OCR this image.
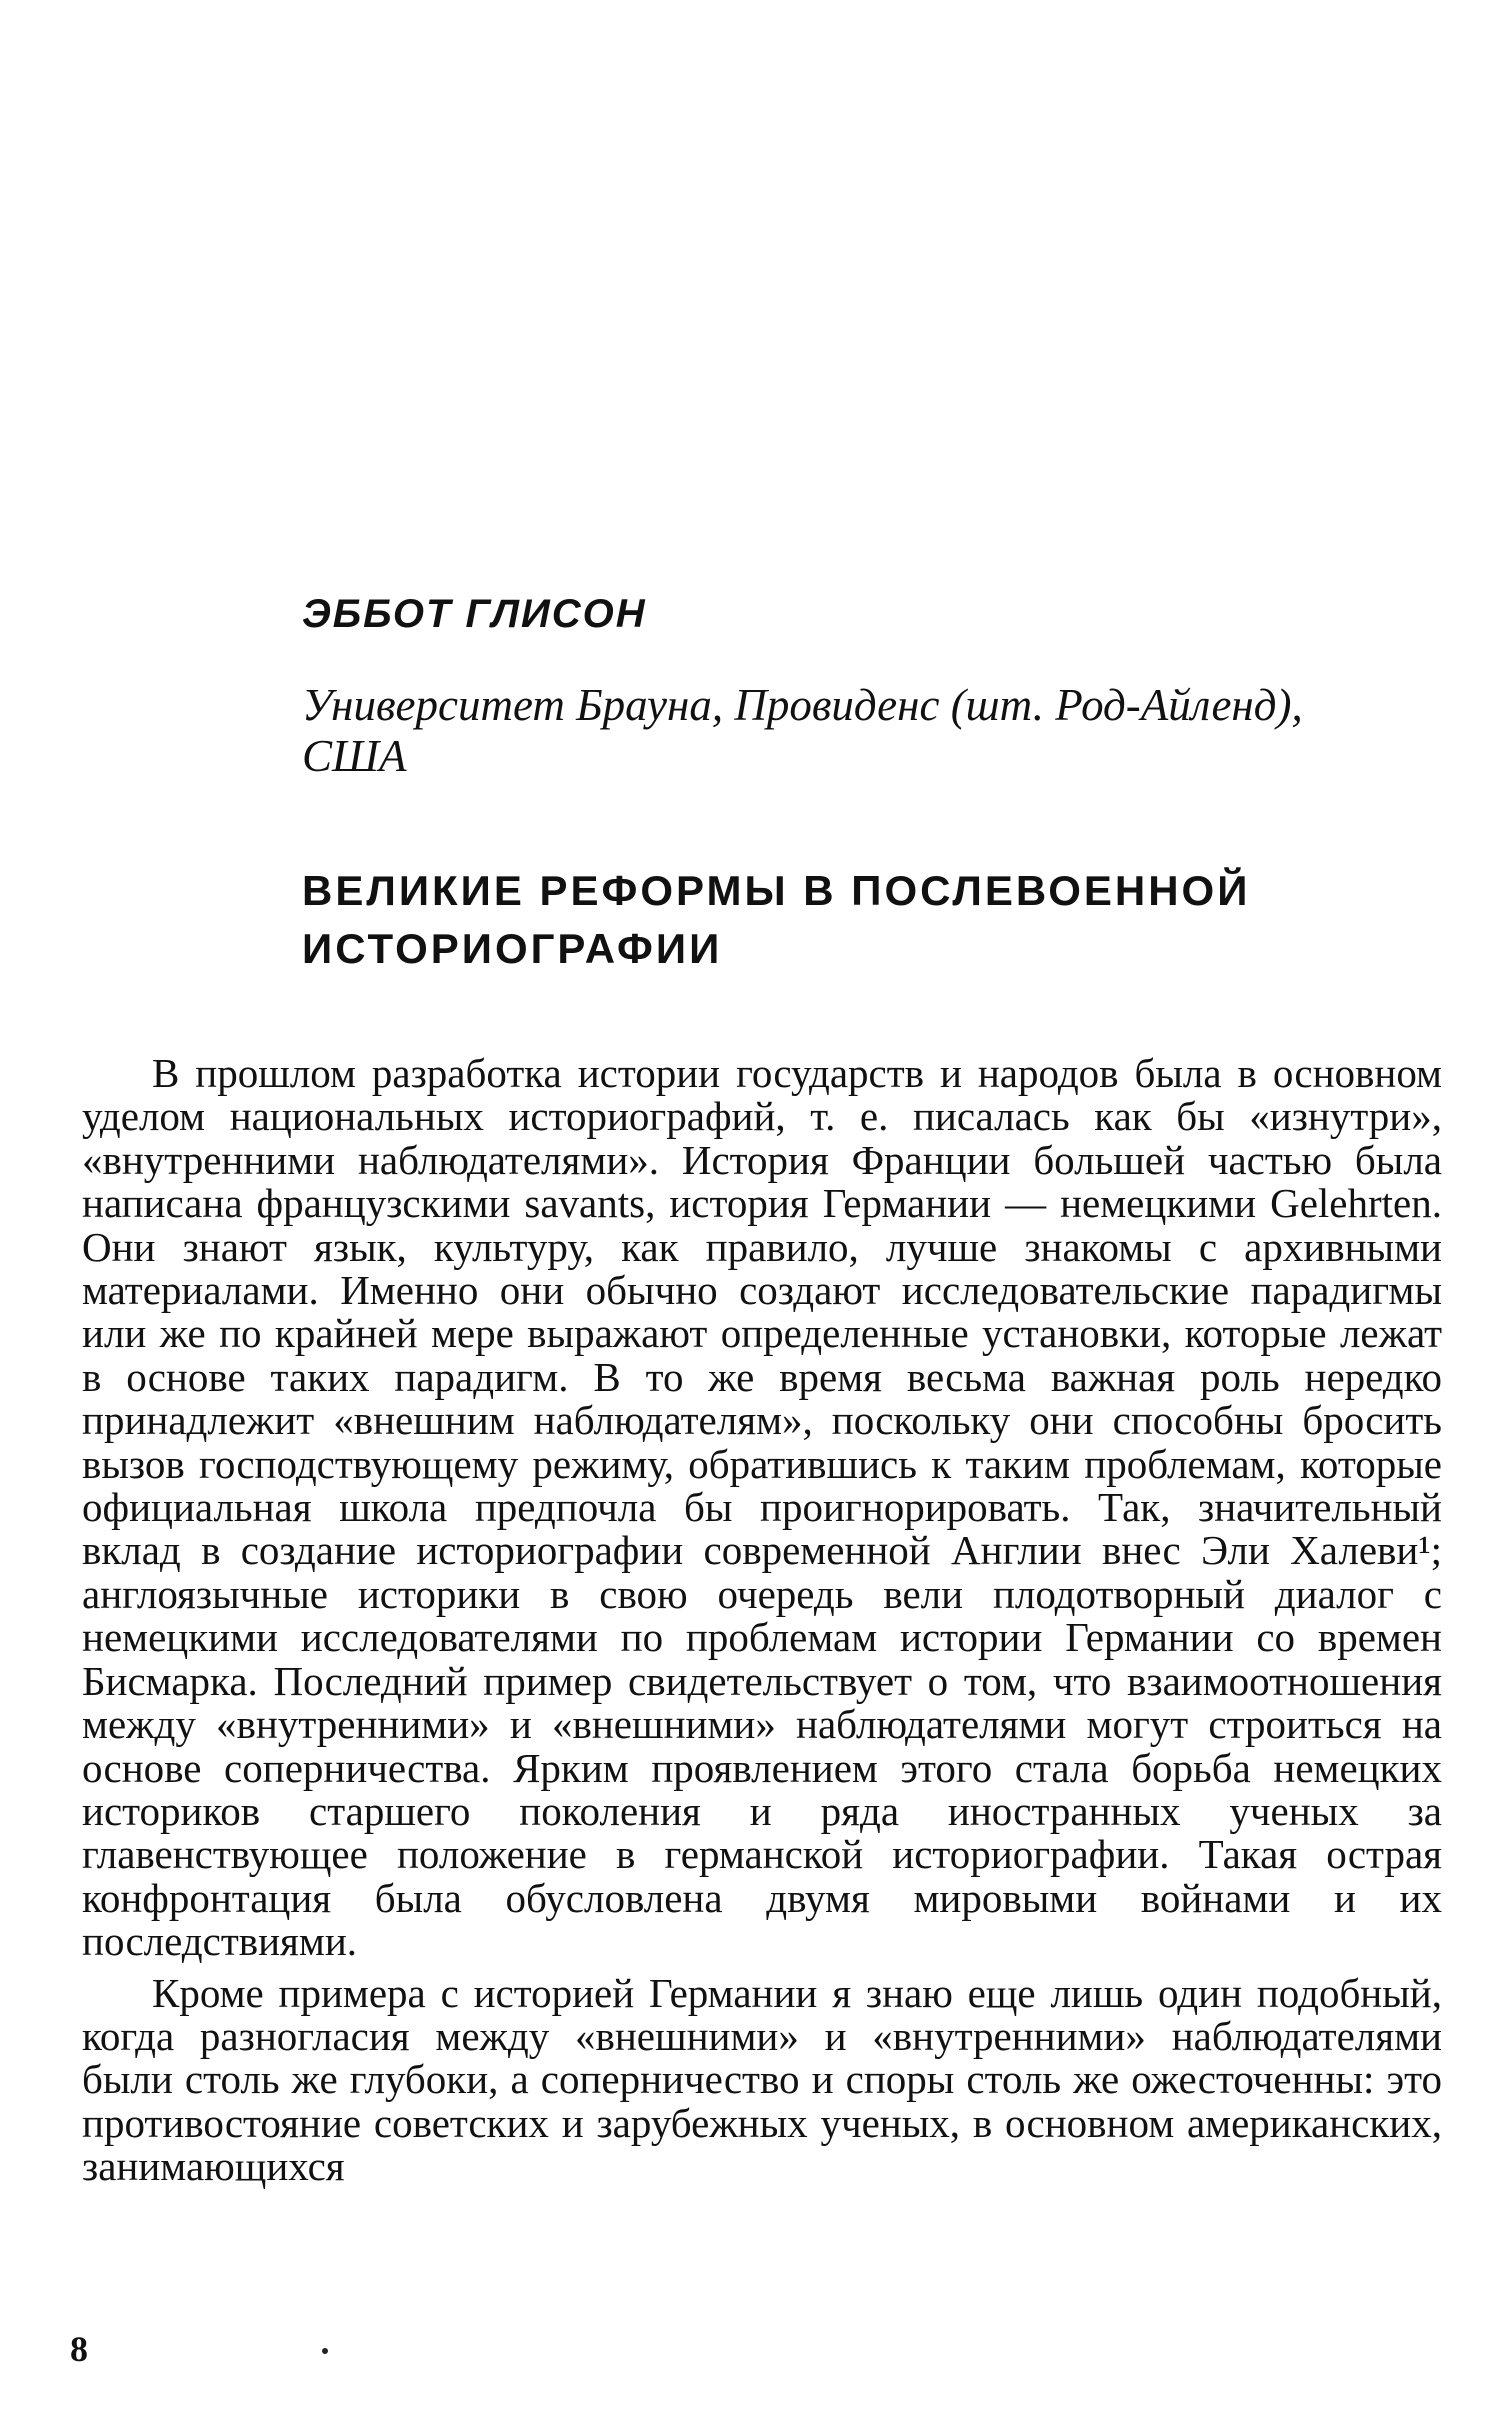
ЭББОТ ГЛИСОН

Университет Брауна, Провиденс (шт. Род-Айленд), США

ВЕЛИКИЕ РЕФОРМЫ В ПОСЛЕВОЕННОЙ ИСТОРИОГРАФИИ

В прошлом разработка истории государств и народов была в основном уделом национальных историографий, т. е. писалась как бы «изнутри», «внутренними наблюдателями». История Франции большей частью была написана французскими savants, история Германии — немецкими Gelehrten. Они знают язык, культуру, как правило, лучше знакомы с архивными материалами. Именно они обычно создают исследовательские парадигмы или же по крайней мере выражают определенные установки, которые лежат в основе таких парадигм. В то же время весьма важная роль нередко принадлежит «внешним наблюдателям», поскольку они способны бросить вызов господствующему режиму, обратившись к таким проблемам, которые официальная школа предпочла бы проигнорировать. Так, значительный вклад в создание историографии современной Англии внес Эли Халеви¹; англоязычные историки в свою очередь вели плодотворный диалог с немецкими исследователями по проблемам истории Германии со времен Бисмарка. Последний пример свидетельствует о том, что взаимоотношения между «внутренними» и «внешними» наблюдателями могут строиться на основе соперничества. Ярким проявлением этого стала борьба немецких историков старшего поколения и ряда иностранных ученых за главенствующее положение в германской историографии. Такая острая конфронтация была обусловлена двумя мировыми войнами и их последствиями.

Кроме примера с историей Германии я знаю еще лишь один подобный, когда разногласия между «внешними» и «внутренними» наблюдателями были столь же глубоки, а соперничество и споры столь же ожесточенны: это противостояние советских и зарубежных ученых, в основном американских, занимающихся

8
